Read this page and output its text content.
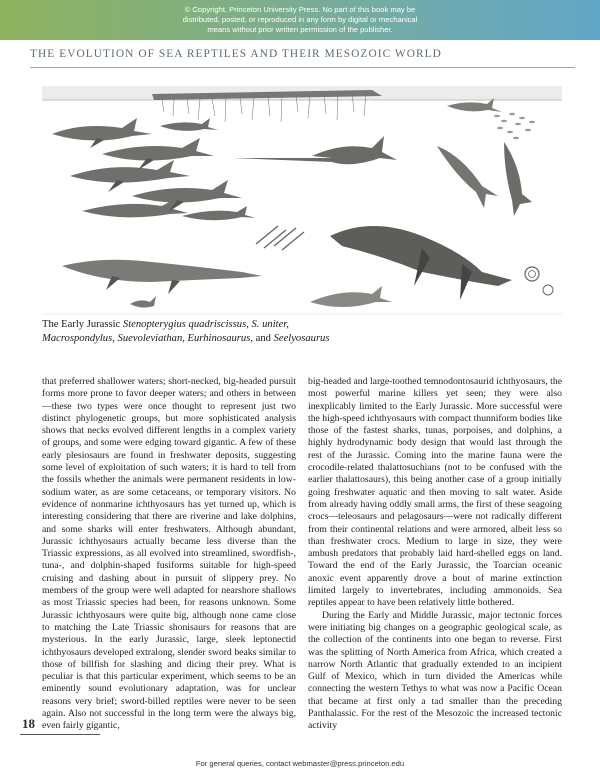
© Copyright, Princeton University Press. No part of this book may be
distributed, posted, or reproduced in any form by digital or mechanical
means without prior written permission of the publisher.
THE EVOLUTION OF SEA REPTILES AND THEIR MESOZOIC WORLD
The Early Jurassic Stenopterygius quadriscissus, S. uniter,
Macrospondylus, Suevoleviathan, Eurhinosaurus, and Seelyosaurus

that preferred shallower waters; short-necked, big-headed pursuit forms more prone to favor deeper waters; and others in between—these two types were once thought to represent just two distinct phylogenetic groups, but more sophisticated analysis shows that necks evolved different lengths in a complex variety of groups, and some were edging toward gigantic. A few of these early plesiosaurs are found in freshwater deposits, suggesting some level of exploitation of such waters; it is hard to tell from the fossils whether the animals were permanent residents in low-sodium water, as are some cetaceans, or temporary visitors. No evidence of nonmarine ichthyosaurs has yet turned up, which is interesting considering that there are riverine and lake dolphins, and some sharks will enter freshwaters. Although abundant, Jurassic ichthyosaurs actually became less diverse than the Triassic expressions, as all evolved into streamlined, swordfish-, tuna-, and dolphin-shaped fusiforms suitable for high-speed cruising and dashing about in pursuit of slippery prey. No members of the group were well adapted for nearshore shallows as most Triassic species had been, for reasons unknown. Some Jurassic ichthyosaurs were quite big, although none came close to matching the Late Triassic shonisaurs for reasons that are mysterious. In the early Jurassic, large, sleek leptonectid ichthyosaurs developed extralong, slender sword beaks similar to those of billfish for slashing and dicing their prey. What is peculiar is that this particular experiment, which seems to be an eminently sound evolutionary adaptation, was for unclear reasons very brief; sword-billed reptiles were never to be seen again. Also not successful in the long term were the always big, even fairly gigantic,

big-headed and large-toothed temnodontosaurid ichthyosaurs, the most powerful marine killers yet seen; they were also inexplicably limited to the Early Jurassic. More successful were the high-speed ichthyosaurs with compact thunniform bodies like those of the fastest sharks, tunas, porpoises, and dolphins, a highly hydrodynamic body design that would last through the rest of the Jurassic. Coming into the marine fauna were the crocodile-related thalattosuchians (not to be confused with the earlier thalattosaurs), this being another case of a group initially going freshwater aquatic and then moving to salt water. Aside from already having oddly small arms, the first of these seagoing crocs—teleosaurs and pelagosaurs—were not radically different from their continental relations and were armored, albeit less so than freshwater crocs. Medium to large in size, they were ambush predators that probably laid hard-shelled eggs on land. Toward the end of the Early Jurassic, the Toarcian oceanic anoxic event apparently drove a bout of marine extinction limited largely to invertebrates, including ammonoids. Sea reptiles appear to have been relatively little bothered.

During the Early and Middle Jurassic, major tectonic forces were initiating big changes on a geographic geological scale, as the collection of the continents into one began to reverse. First was the splitting of North America from Africa, which created a narrow North Atlantic that gradually extended to an incipient Gulf of Mexico, which in turn divided the Americas while connecting the western Tethys to what was now a Pacific Ocean that became at first only a tad smaller than the preceding Panthalassic. For the rest of the Mesozoic the increased tectonic activity

18
For general queries, contact webmaster@press.princeton.edu
